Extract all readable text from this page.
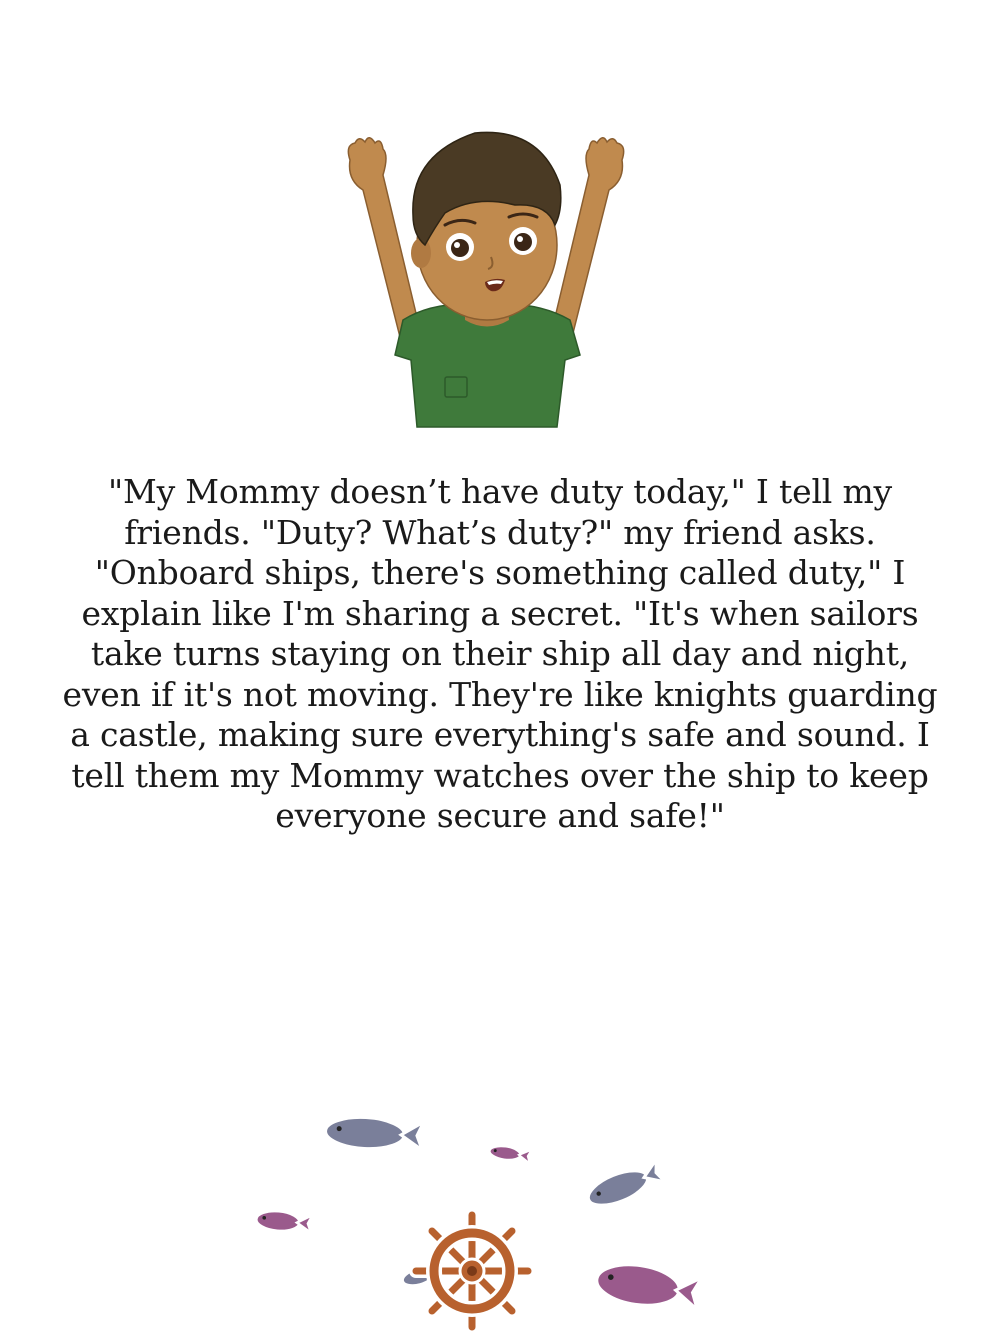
"My Mommy doesn’t have duty today," I tell my friends. "Duty? What’s duty?" my friend asks. "Onboard ships, there's something called duty," I explain like I'm sharing a secret. "It's when sailors take turns staying on their ship all day and night, even if it's not moving. They're like knights guarding a castle, making sure everything's safe and sound. I tell them my Mommy watches over the ship to keep everyone secure and safe!"
